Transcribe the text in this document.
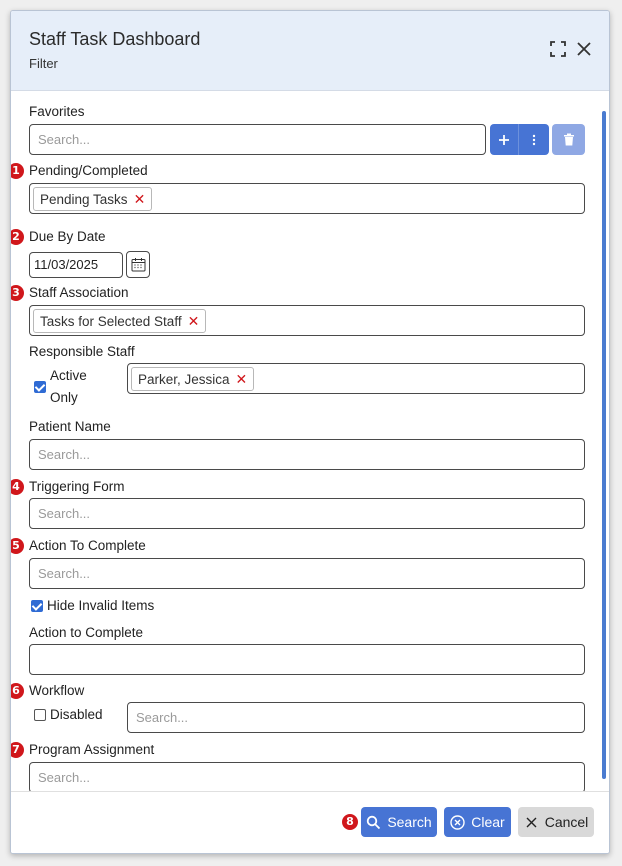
Staff Task Dashboard
Filter
Favorites
Search...
1 Pending/Completed
Pending Tasks ✕
2 Due By Date
11/03/2025
3 Staff Association
Tasks for Selected Staff ✕
Responsible Staff
Active
Only
Parker, Jessica ✕
Patient Name
Search...
4 Triggering Form
Search...
5 Action To Complete
Search...
Hide Invalid Items
Action to Complete
6 Workflow
Disabled	Search...
7 Program Assignment
Search...
8 Search	Clear	Cancel
